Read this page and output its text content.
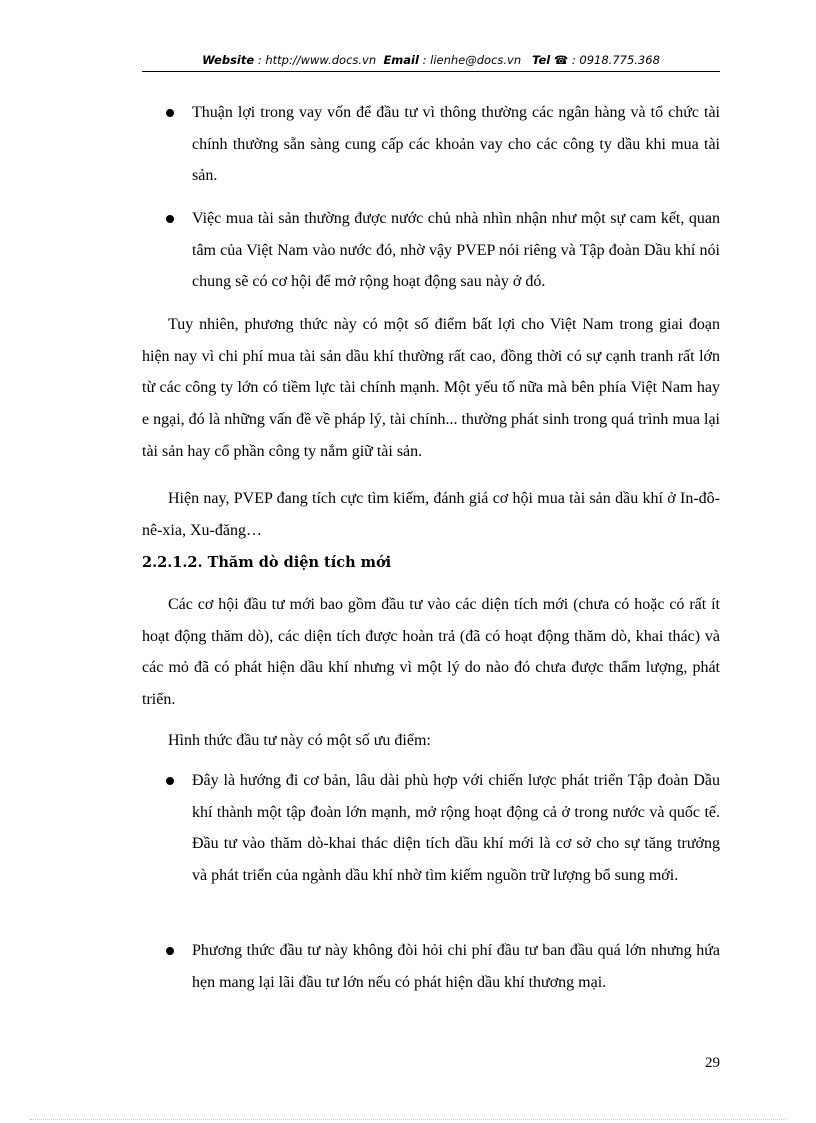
Website : http://www.docs.vn Email : lienhe@docs.vn Tel ☎ : 0918.775.368
Thuận lợi trong vay vốn để đầu tư vì thông thường các ngân hàng và tổ chức tài chính thường sẵn sàng cung cấp các khoản vay cho các công ty dầu khi mua tài sản.
Việc mua tài sản thường được nước chủ nhà nhìn nhận như một sự cam kết, quan tâm của Việt Nam vào nước đó, nhờ vậy PVEP nói riêng và Tập đoàn Dầu khí nói chung sẽ có cơ hội để mở rộng hoạt động sau này ở đó.

Tuy nhiên, phương thức này có một số điểm bất lợi cho Việt Nam trong giai đoạn hiện nay vì chi phí mua tài sản dầu khí thường rất cao, đồng thời có sự cạnh tranh rất lớn từ các công ty lớn có tiềm lực tài chính mạnh. Một yếu tố nữa mà bên phía Việt Nam hay e ngại, đó là những vấn đề về pháp lý, tài chính... thường phát sinh trong quá trình mua lại tài sản hay cổ phần công ty nắm giữ tài sản.

Hiện nay, PVEP đang tích cực tìm kiếm, đánh giá cơ hội mua tài sản dầu khí ở In-đô-nê-xia, Xu-đăng…

2.2.1.2. Thăm dò diện tích mới

Các cơ hội đầu tư mới bao gồm đầu tư vào các diện tích mới (chưa có hoặc có rất ít hoạt động thăm dò), các diện tích được hoàn trả (đã có hoạt động thăm dò, khai thác) và các mỏ đã có phát hiện dầu khí nhưng vì một lý do nào đó chưa được thẩm lượng, phát triển.

Hình thức đầu tư này có một số ưu điểm:

Đây là hướng đi cơ bản, lâu dài phù hợp với chiến lược phát triển Tập đoàn Dầu khí thành một tập đoàn lớn mạnh, mở rộng hoạt động cả ở trong nước và quốc tế. Đầu tư vào thăm dò-khai thác diện tích dầu khí mới là cơ sở cho sự tăng trưởng và phát triển của ngành dầu khí nhờ tìm kiếm nguồn trữ lượng bổ sung mới.
Phương thức đầu tư này không đòi hỏi chi phí đầu tư ban đầu quá lớn nhưng hứa hẹn mang lại lãi đầu tư lớn nếu có phát hiện dầu khí thương mại.
29
